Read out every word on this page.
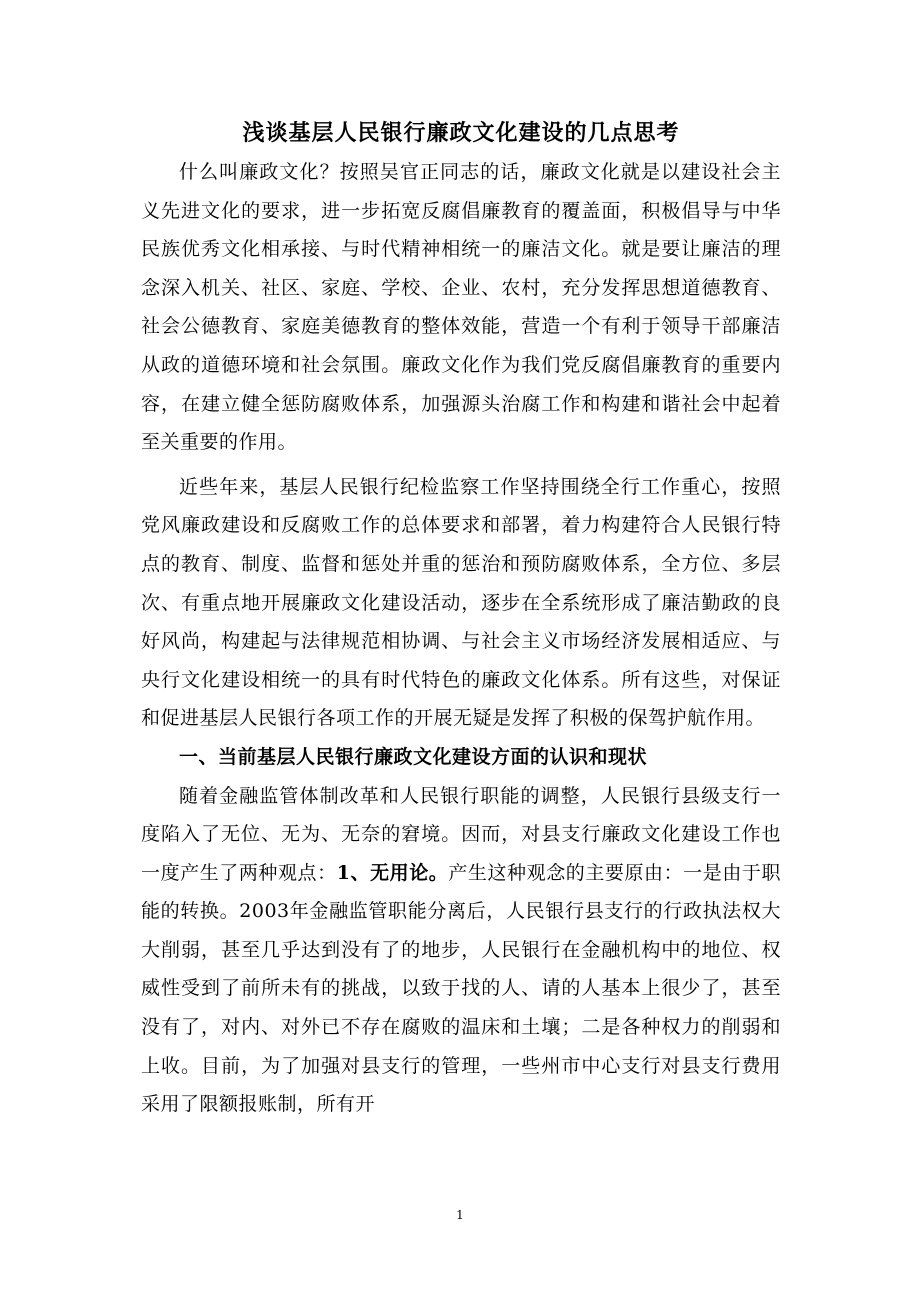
浅谈基层人民银行廉政文化建设的几点思考

什么叫廉政文化？按照吴官正同志的话，廉政文化就是以建设社会主义先进文化的要求，进一步拓宽反腐倡廉教育的覆盖面，积极倡导与中华民族优秀文化相承接、与时代精神相统一的廉洁文化。就是要让廉洁的理念深入机关、社区、家庭、学校、企业、农村，充分发挥思想道德教育、社会公德教育、家庭美德教育的整体效能，营造一个有利于领导干部廉洁从政的道德环境和社会氛围。廉政文化作为我们党反腐倡廉教育的重要内容，在建立健全惩防腐败体系，加强源头治腐工作和构建和谐社会中起着至关重要的作用。

近些年来，基层人民银行纪检监察工作坚持围绕全行工作重心，按照党风廉政建设和反腐败工作的总体要求和部署，着力构建符合人民银行特点的教育、制度、监督和惩处并重的惩治和预防腐败体系，全方位、多层次、有重点地开展廉政文化建设活动，逐步在全系统形成了廉洁勤政的良好风尚，构建起与法律规范相协调、与社会主义市场经济发展相适应、与央行文化建设相统一的具有时代特色的廉政文化体系。所有这些，对保证和促进基层人民银行各项工作的开展无疑是发挥了积极的保驾护航作用。

一、当前基层人民银行廉政文化建设方面的认识和现状

随着金融监管体制改革和人民银行职能的调整，人民银行县级支行一度陷入了无位、无为、无奈的窘境。因而，对县支行廉政文化建设工作也一度产生了两种观点：1、无用论。产生这种观念的主要原由：一是由于职能的转换。2003年金融监管职能分离后，人民银行县支行的行政执法权大大削弱，甚至几乎达到没有了的地步，人民银行在金融机构中的地位、权威性受到了前所未有的挑战，以致于找的人、请的人基本上很少了，甚至没有了，对内、对外已不存在腐败的温床和土壤；二是各种权力的削弱和上收。目前，为了加强对县支行的管理，一些州市中心支行对县支行费用采用了限额报账制，所有开

1
